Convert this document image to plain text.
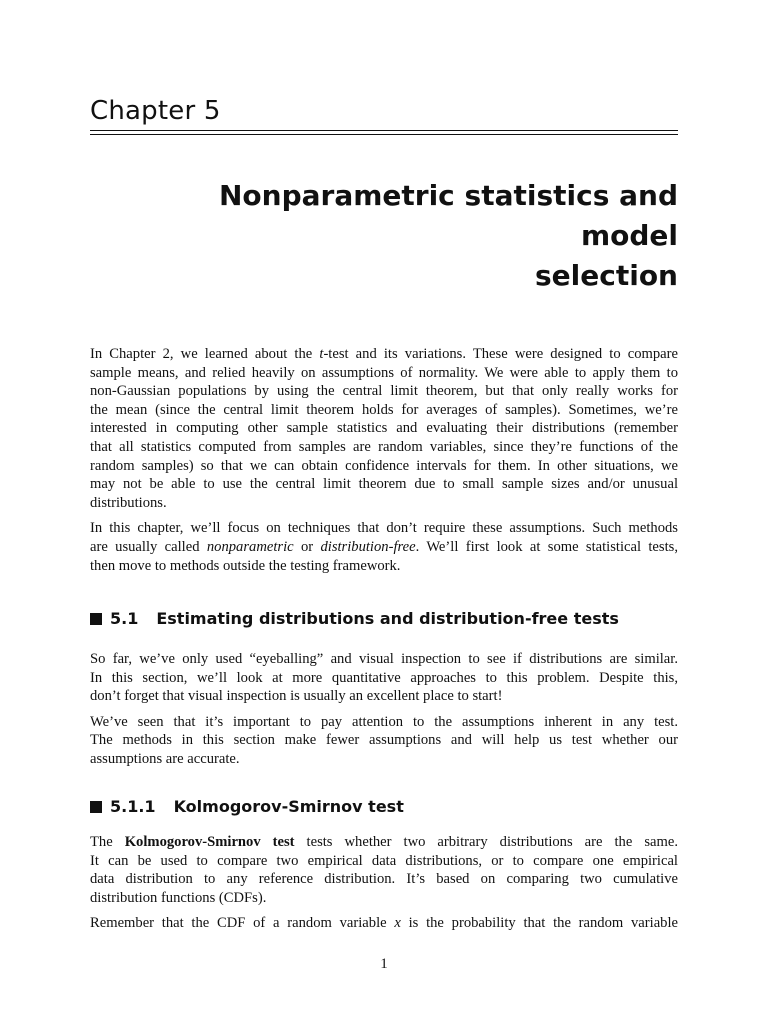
Chapter 5
Nonparametric statistics and model
selection

In Chapter 2, we learned about the t-test and its variations. These were designed to compare
sample means, and relied heavily on assumptions of normality. We were able to apply them to
non-Gaussian populations by using the central limit theorem, but that only really works for
the mean (since the central limit theorem holds for averages of samples). Sometimes, we’re
interested in computing other sample statistics and evaluating their distributions (remember
that all statistics computed from samples are random variables, since they’re functions of the
random samples) so that we can obtain confidence intervals for them. In other situations, we
may not be able to use the central limit theorem due to small sample sizes and/or unusual
distributions.

In this chapter, we’ll focus on techniques that don’t require these assumptions. Such methods
are usually called nonparametric or distribution-free. We’ll first look at some statistical tests,
then move to methods outside the testing framework.

5.1 Estimating distributions and distribution-free tests

So far, we’ve only used “eyeballing” and visual inspection to see if distributions are similar.
In this section, we’ll look at more quantitative approaches to this problem. Despite this,
don’t forget that visual inspection is usually an excellent place to start!

We’ve seen that it’s important to pay attention to the assumptions inherent in any test.
The methods in this section make fewer assumptions and will help us test whether our
assumptions are accurate.

5.1.1 Kolmogorov-Smirnov test

The Kolmogorov-Smirnov test tests whether two arbitrary distributions are the same.
It can be used to compare two empirical data distributions, or to compare one empirical
data distribution to any reference distribution. It’s based on comparing two cumulative
distribution functions (CDFs).

Remember that the CDF of a random variable x is the probability that the random variable

1
